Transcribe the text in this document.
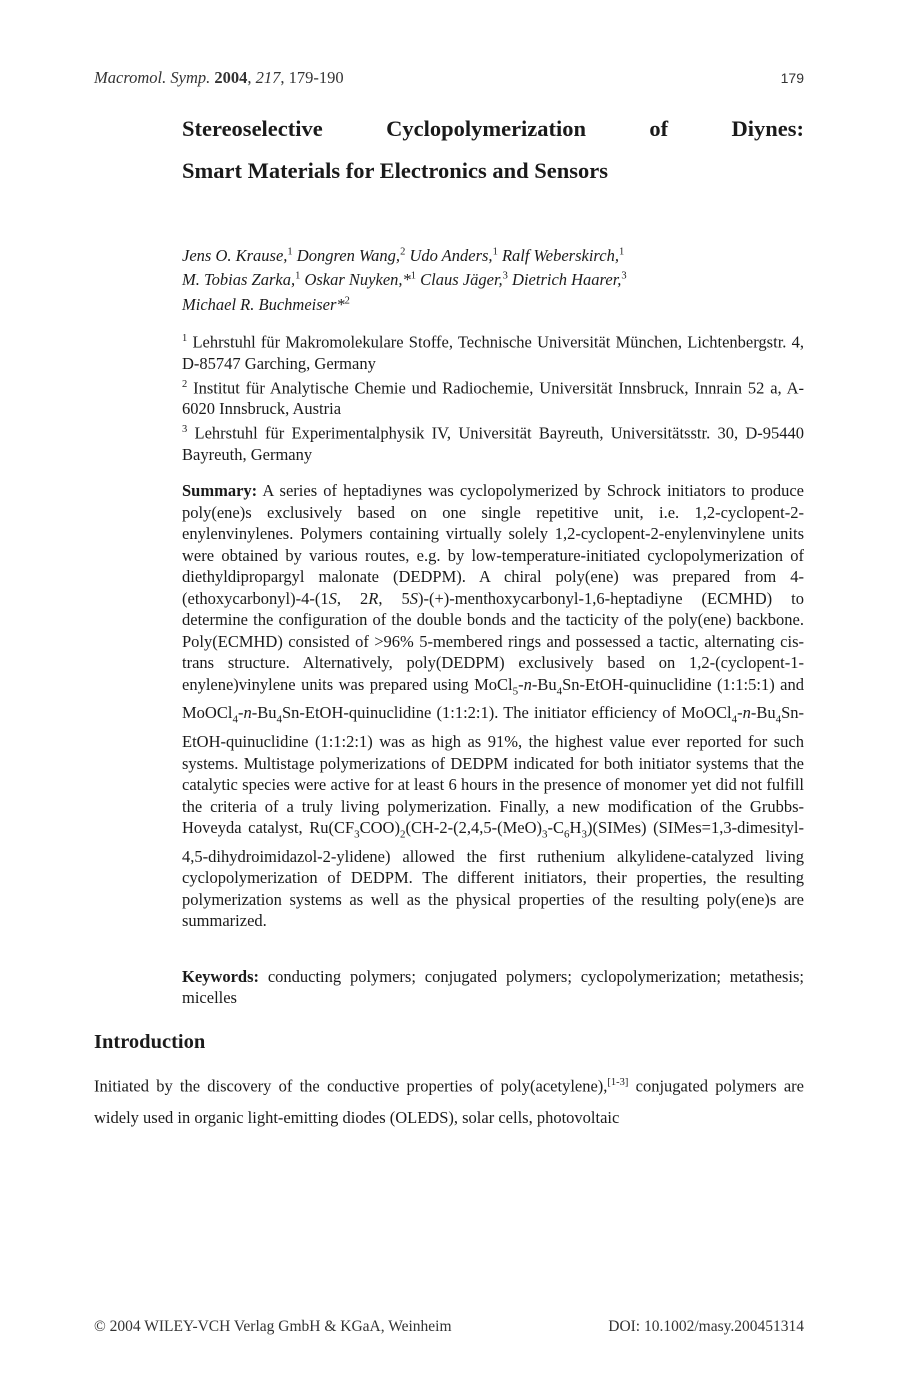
Macromol. Symp. 2004, 217, 179-190	179
Stereoselective	Cyclopolymerization	of	Diynes:
Smart Materials for Electronics and Sensors
Jens O. Krause,$^1$ Dongren Wang,$^2$ Udo Anders,$^1$ Ralf Weberskirch,$^1$
M. Tobias Zarka,$^1$ Oskar Nuyken,*$^1$ Claus Jäger,$^3$ Dietrich Haarer,$^3$
Michael R. Buchmeiser*$^2$

$^1$ Lehrstuhl für Makromolekulare Stoffe, Technische Universität München, Lichtenbergstr. 4, D-85747 Garching, Germany

$^2$ Institut für Analytische Chemie und Radiochemie, Universität Innsbruck, Innrain 52 a, A-6020 Innsbruck, Austria

$^3$ Lehrstuhl für Experimentalphysik IV, Universität Bayreuth, Universitätsstr. 30, D-95440 Bayreuth, Germany

Summary: A series of heptadiynes was cyclopolymerized by Schrock initiators to produce poly(ene)s exclusively based on one single repetitive unit, i.e. 1,2-cyclopent-2-enylenvinylenes. Polymers containing virtually solely 1,2-cyclopent-2-enylenvinylene units were obtained by various routes, e.g. by low-temperature-initiated cyclopolymerization of diethyldipropargyl malonate (DEDPM). A chiral poly(ene) was prepared from 4-(ethoxycarbonyl)-4-(1S, 2R, 5S)-(+)-menthoxycarbonyl-1,6-heptadiyne (ECMHD) to determine the configuration of the double bonds and the tacticity of the poly(ene) backbone. Poly(ECMHD) consisted of >96% 5-membered rings and possessed a tactic, alternating cis-trans structure. Alternatively, poly(DEDPM) exclusively based on 1,2-(cyclopent-1-enylene)vinylene units was prepared using $MoCl_5-n-Bu_4Sn-EtOH$-quinuclidine (1:1:5:1) and $MoOCl_4-n-Bu_4Sn-EtOH$-quinuclidine (1:1:2:1). The initiator efficiency of $MoOCl_4-n-Bu_4Sn-EtOH$-quinuclidine (1:1:2:1) was as high as 91%, the highest value ever reported for such systems. Multistage polymerizations of DEDPM indicated for both initiator systems that the catalytic species were active for at least 6 hours in the presence of monomer yet did not fulfill the criteria of a truly living polymerization. Finally, a new modification of the Grubbs-Hoveyda catalyst, $Ru(CF_3COO)_2(CH-2-(2,4,5-(MeO)_3-C_6H_3)(SIMes)$ (SIMes=1,3-dimesityl-4,5-dihydroimidazol-2-ylidene) allowed the first ruthenium alkylidene-catalyzed living cyclopolymerization of DEDPM. The different initiators, their properties, the resulting polymerization systems as well as the physical properties of the resulting poly(ene)s are summarized.

Keywords: conducting polymers; conjugated polymers; cyclopolymerization; metathesis; micelles
Introduction
Initiated by the discovery of the conductive properties of poly(acetylene),[1-3] conjugated polymers are widely used in organic light-emitting diodes (OLEDS), solar cells, photovoltaic
© 2004 WILEY-VCH Verlag GmbH & KGaA, Weinheim	DOI: 10.1002/masy.200451314
